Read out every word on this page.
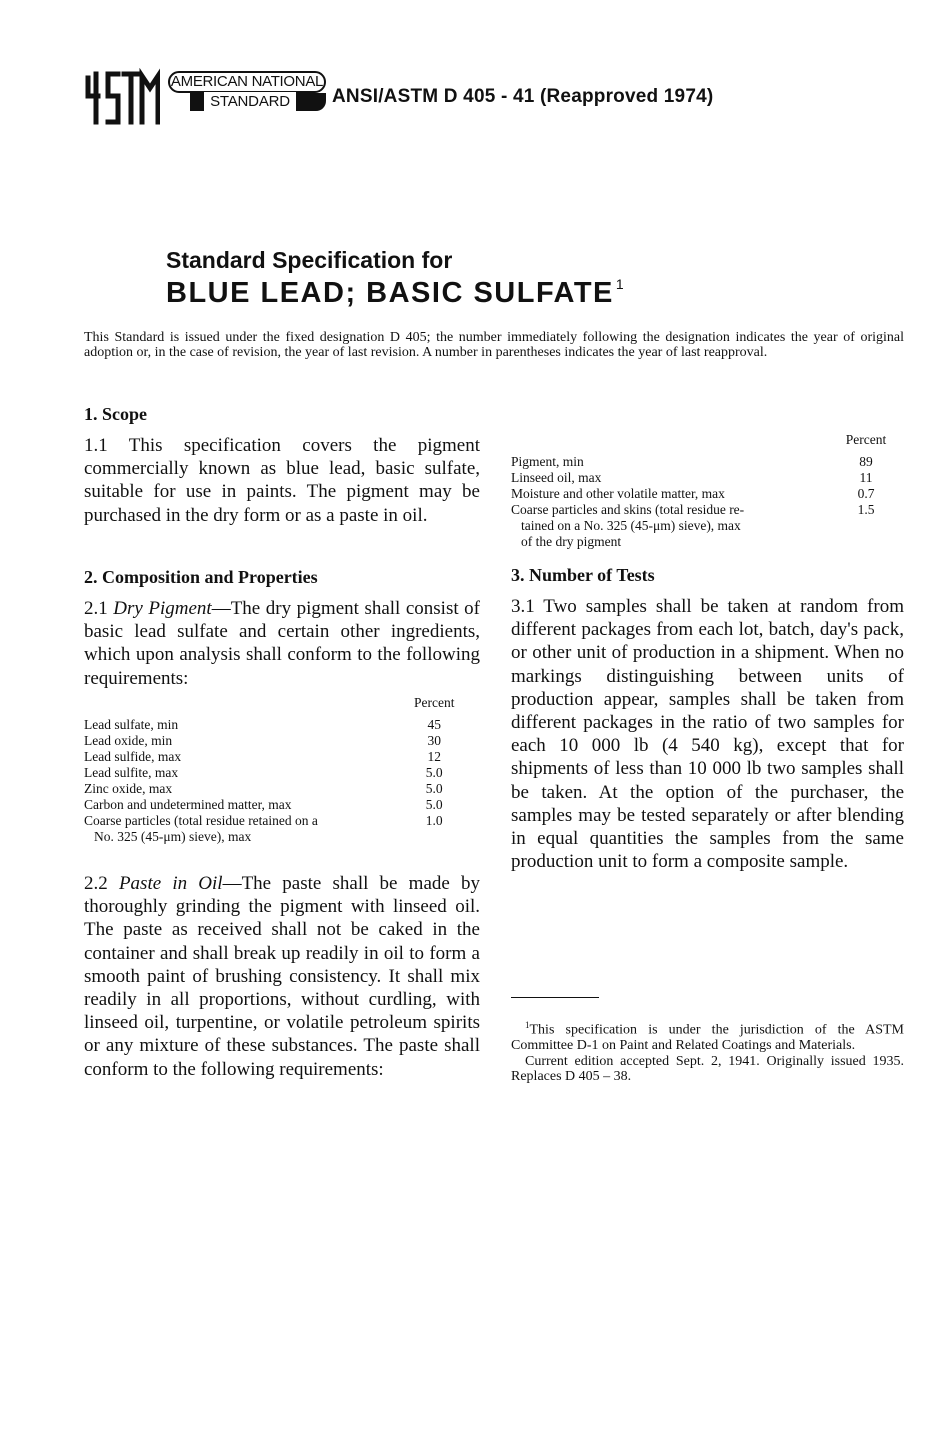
AMERICAN NATIONAL
STANDARD	ANSI/ASTM D 405 - 41 (Reapproved 1974)
Standard Specification for
BLUE LEAD; BASIC SULFATE $^1$
This Standard is issued under the fixed designation D 405; the number immediately following the designation indicates the year of original adoption or, in the case of revision, the year of last revision. A number in parentheses indicates the year of last reapproval.
1. Scope
1.1 This specification covers the pigment commercially known as blue lead, basic sulfate, suitable for use in paints. The pigment may be purchased in the dry form or as a paste in oil.
2. Composition and Properties
2.1 Dry Pigment—The dry pigment shall consist of basic lead sulfate and certain other ingredients, which upon analysis shall conform to the following requirements:
	Percent
Lead sulfate, min	45
Lead oxide, min	30
Lead sulfide, max	12
Lead sulfite, max	5.0
Zinc oxide, max	5.0
Carbon and undetermined matter, max	5.0
Coarse particles (total residue retained on a	1.0
No. 325 (45-μm) sieve), max	
2.2 Paste in Oil—The paste shall be made by thoroughly grinding the pigment with linseed oil. The paste as received shall not be caked in the container and shall break up readily in oil to form a smooth paint of brushing consistency. It shall mix readily in all proportions, without curdling, with linseed oil, turpentine, or volatile petroleum spirits or any mixture of these substances. The paste shall conform to the following requirements:
	Percent
Pigment, min	89
Linseed oil, max	11
Moisture and other volatile matter, max	0.7
Coarse particles and skins (total residue re-	1.5
tained on a No. 325 (45-μm) sieve), max	
of the dry pigment	
3. Number of Tests
3.1 Two samples shall be taken at random from different packages from each lot, batch, day's pack, or other unit of production in a shipment. When no markings distinguishing between units of production appear, samples shall be taken from different packages in the ratio of two samples for each 10 000 lb (4 540 kg), except that for shipments of less than 10 000 lb two samples shall be taken. At the option of the purchaser, the samples may be tested separately or after blending in equal quantities the samples from the same production unit to form a composite sample.
$^1$This specification is under the jurisdiction of the ASTM Committee D-1 on Paint and Related Coatings and Materials.
Current edition accepted Sept. 2, 1941. Originally issued 1935. Replaces D 405 – 38.
